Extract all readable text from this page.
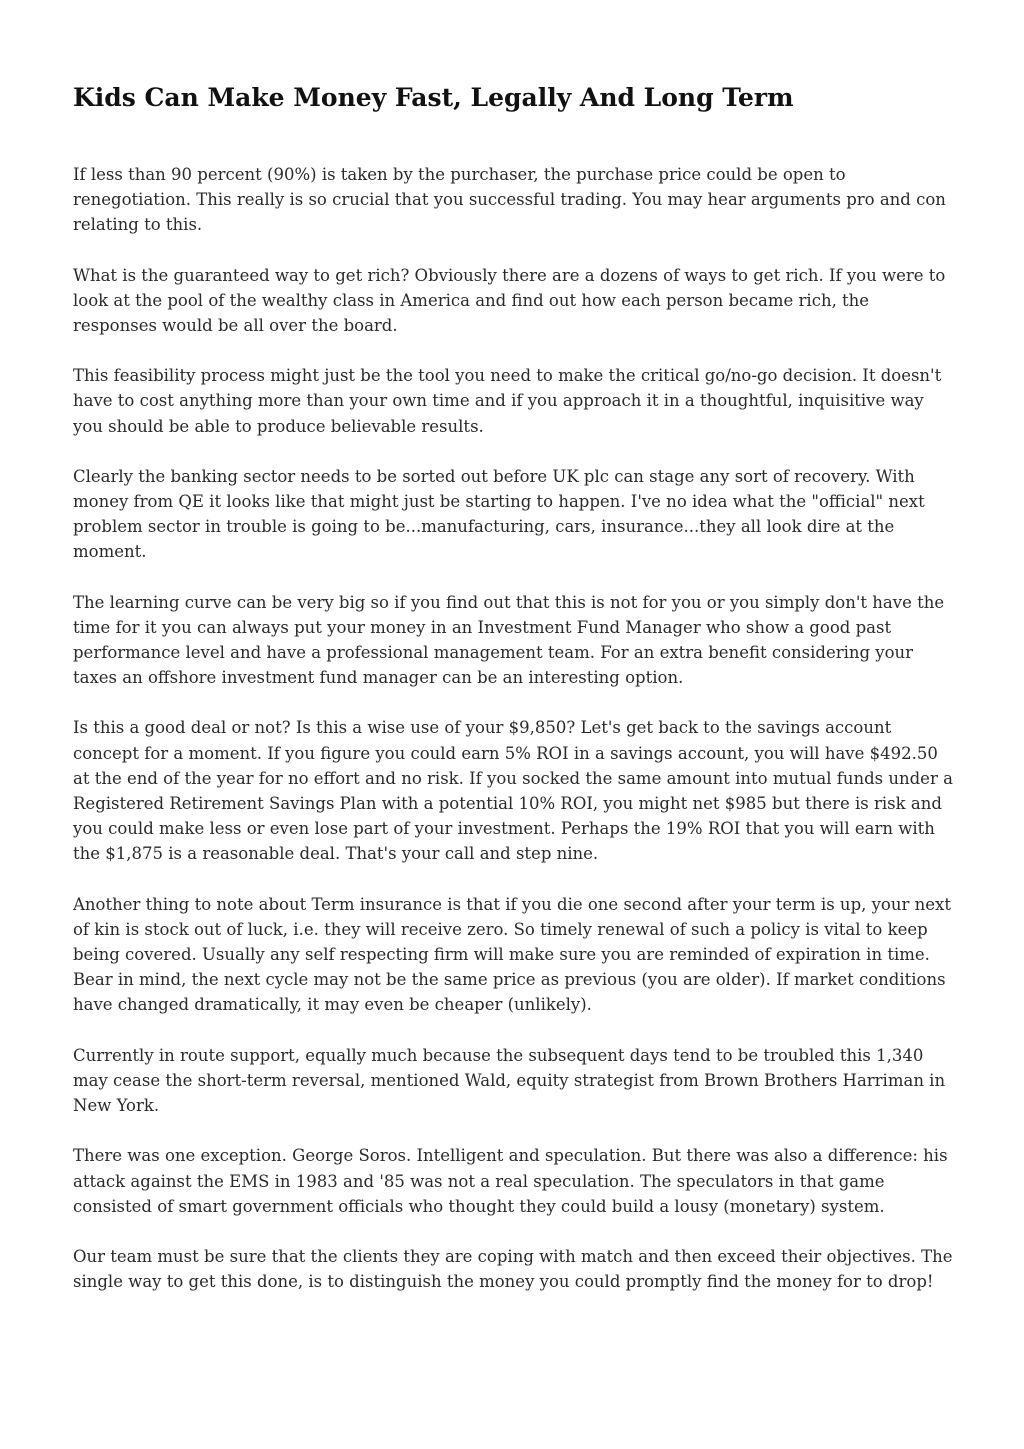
Kids Can Make Money Fast, Legally And Long Term

If less than 90 percent (90%) is taken by the purchaser, the purchase price could be open to renegotiation. This really is so crucial that you successful trading. You may hear arguments pro and con relating to this.

What is the guaranteed way to get rich? Obviously there are a dozens of ways to get rich. If you were to look at the pool of the wealthy class in America and find out how each person became rich, the responses would be all over the board.

This feasibility process might just be the tool you need to make the critical go/no-go decision. It doesn't have to cost anything more than your own time and if you approach it in a thoughtful, inquisitive way you should be able to produce believable results.

Clearly the banking sector needs to be sorted out before UK plc can stage any sort of recovery. With money from QE it looks like that might just be starting to happen. I've no idea what the "official" next problem sector in trouble is going to be...manufacturing, cars, insurance...they all look dire at the moment.

The learning curve can be very big so if you find out that this is not for you or you simply don't have the time for it you can always put your money in an Investment Fund Manager who show a good past performance level and have a professional management team. For an extra benefit considering your taxes an offshore investment fund manager can be an interesting option.

Is this a good deal or not? Is this a wise use of your $9,850? Let's get back to the savings account concept for a moment. If you figure you could earn 5% ROI in a savings account, you will have $492.50 at the end of the year for no effort and no risk. If you socked the same amount into mutual funds under a Registered Retirement Savings Plan with a potential 10% ROI, you might net $985 but there is risk and you could make less or even lose part of your investment. Perhaps the 19% ROI that you will earn with the $1,875 is a reasonable deal. That's your call and step nine.

Another thing to note about Term insurance is that if you die one second after your term is up, your next of kin is stock out of luck, i.e. they will receive zero. So timely renewal of such a policy is vital to keep being covered. Usually any self respecting firm will make sure you are reminded of expiration in time. Bear in mind, the next cycle may not be the same price as previous (you are older). If market conditions have changed dramatically, it may even be cheaper (unlikely).

Currently in route support, equally much because the subsequent days tend to be troubled this 1,340 may cease the short-term reversal, mentioned Wald, equity strategist from Brown Brothers Harriman in New York.

There was one exception. George Soros. Intelligent and speculation. But there was also a difference: his attack against the EMS in 1983 and '85 was not a real speculation. The speculators in that game consisted of smart government officials who thought they could build a lousy (monetary) system.

Our team must be sure that the clients they are coping with match and then exceed their objectives. The single way to get this done, is to distinguish the money you could promptly find the money for to drop!
